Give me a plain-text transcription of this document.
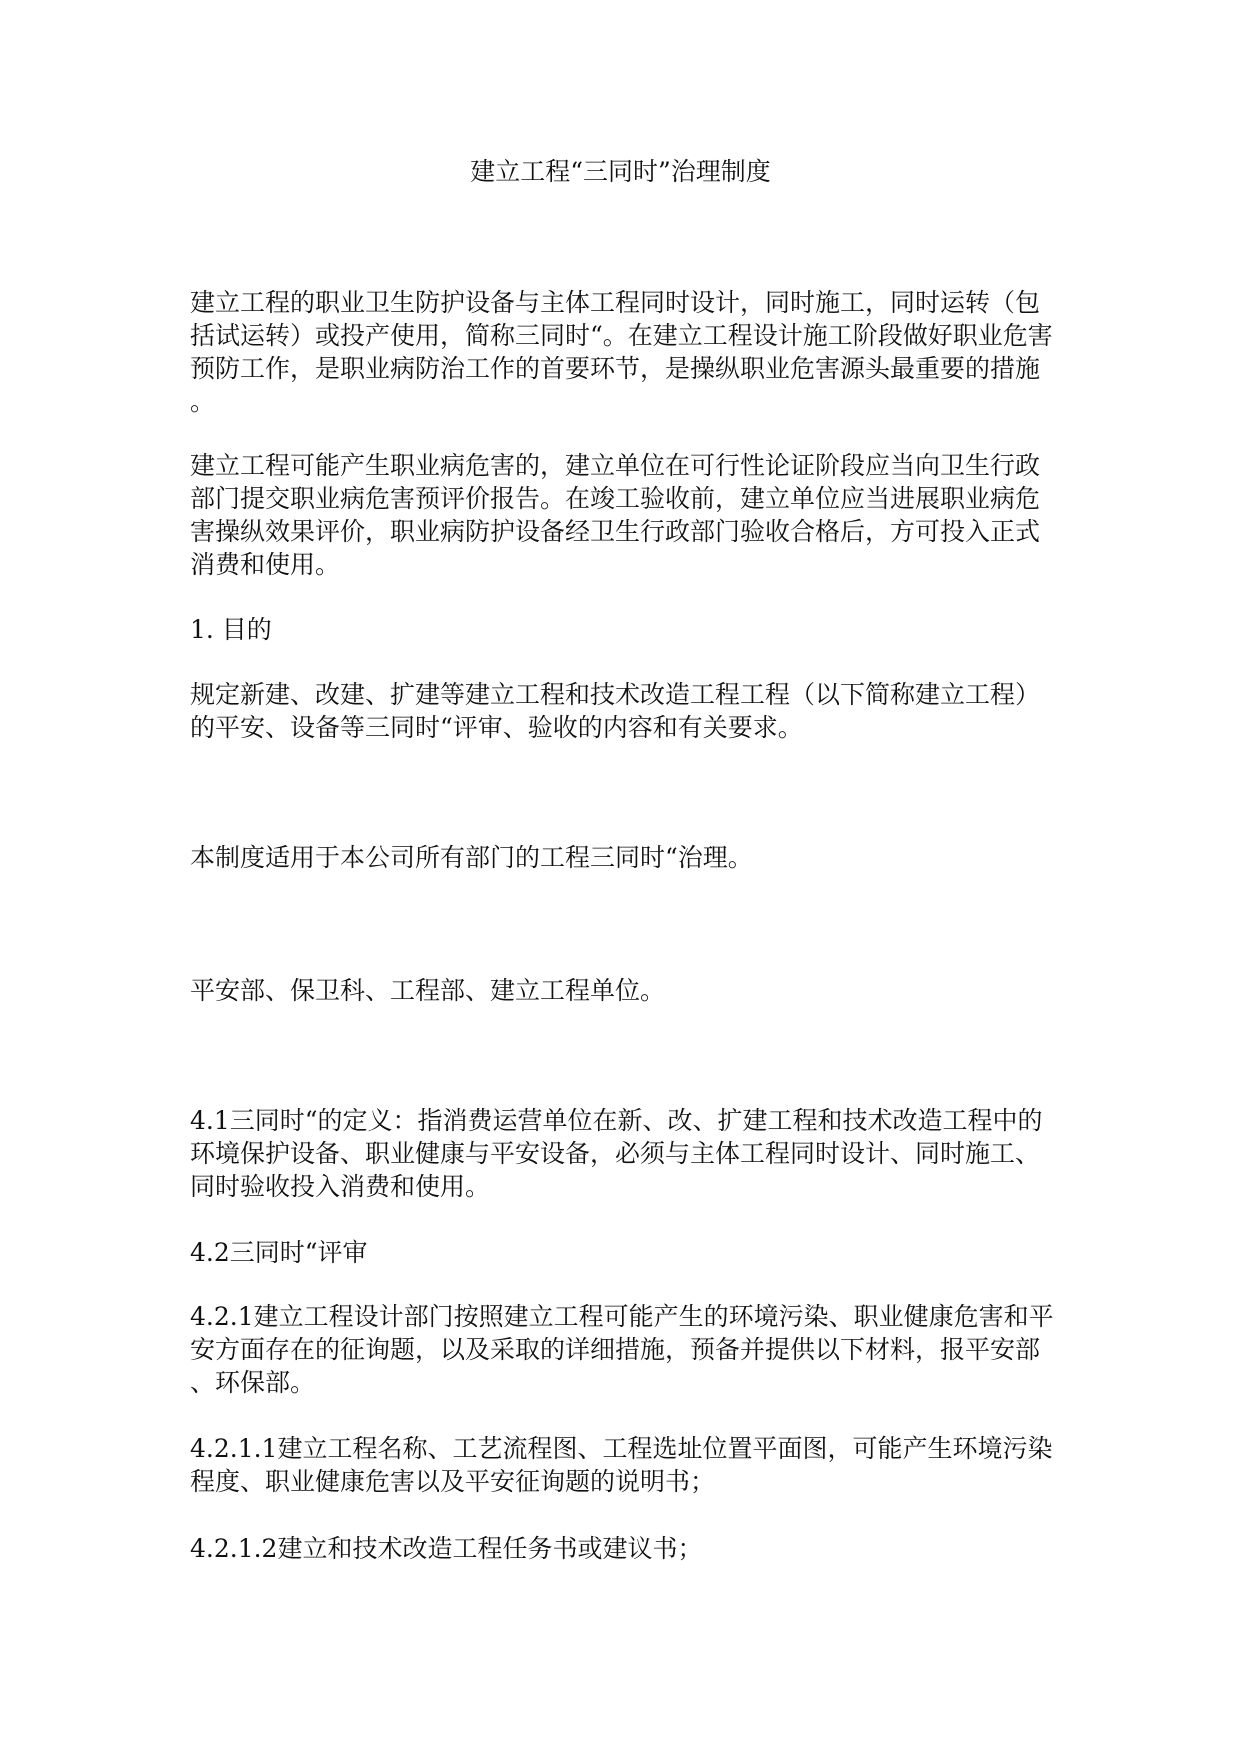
建立工程“三同时”治理制度
建立工程的职业卫生防护设备与主体工程同时设计，同时施工，同时运转（包
括试运转）或投产使用，简称三同时“。在建立工程设计施工阶段做好职业危害
预防工作，是职业病防治工作的首要环节，是操纵职业危害源头最重要的措施
。
建立工程可能产生职业病危害的，建立单位在可行性论证阶段应当向卫生行政
部门提交职业病危害预评价报告。在竣工验收前，建立单位应当进展职业病危
害操纵效果评价，职业病防护设备经卫生行政部门验收合格后，方可投入正式
消费和使用。
1. 目的
规定新建、改建、扩建等建立工程和技术改造工程工程（以下简称建立工程）
的平安、设备等三同时“评审、验收的内容和有关要求。
本制度适用于本公司所有部门的工程三同时“治理。
平安部、保卫科、工程部、建立工程单位。
4.1三同时“的定义：指消费运营单位在新、改、扩建工程和技术改造工程中的
环境保护设备、职业健康与平安设备，必须与主体工程同时设计、同时施工、
同时验收投入消费和使用。
4.2三同时“评审
4.2.1建立工程设计部门按照建立工程可能产生的环境污染、职业健康危害和平
安方面存在的征询题，以及采取的详细措施，预备并提供以下材料，报平安部
、环保部。
4.2.1.1建立工程名称、工艺流程图、工程选址位置平面图，可能产生环境污染
程度、职业健康危害以及平安征询题的说明书；
4.2.1.2建立和技术改造工程任务书或建议书；
